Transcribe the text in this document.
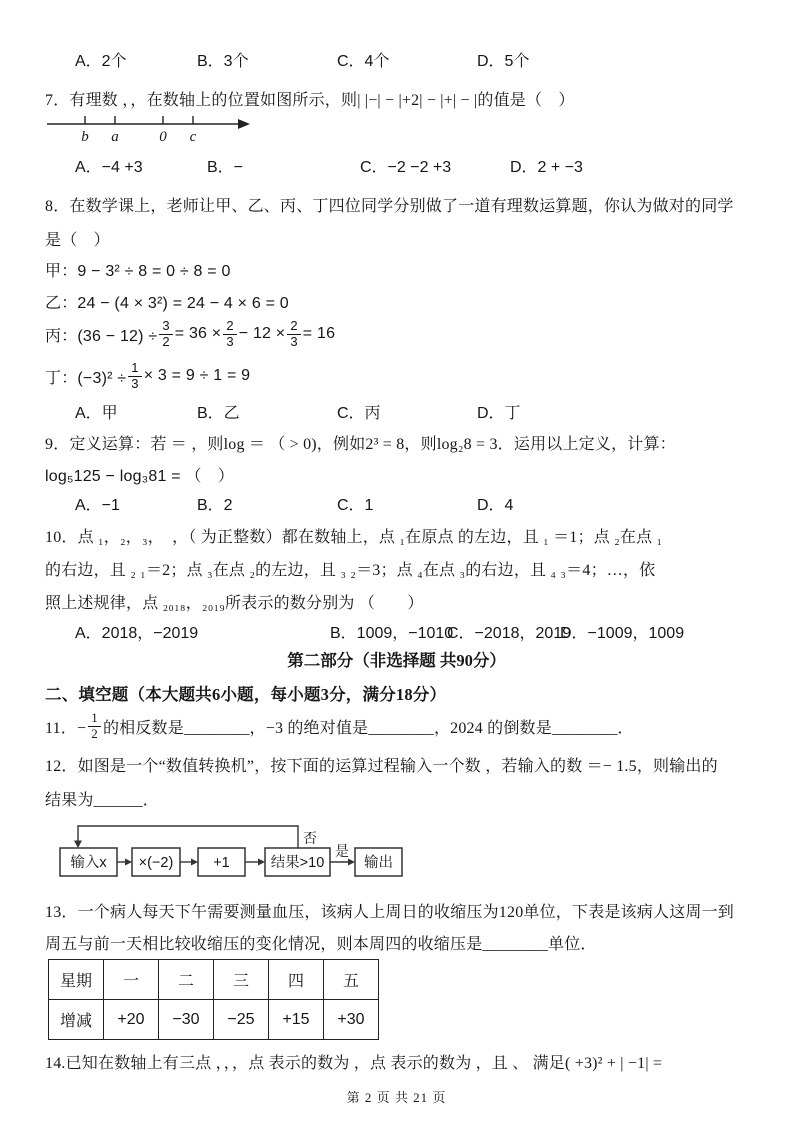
A．2个	B．3个	C．4个	D．5个
7．有理数 ，，在数轴上的位置如图所示，则| |−| − |+2| − |+| − |的值是（　）
b a	0 c
A．−4 +3	B．−	C．−2 −2 +3	D．2 + −3
8．在数学课上，老师让甲、乙、丙、丁四位同学分别做了一道有理数运算题，你认为做对的同学
是（　）
甲：9 − 3² ÷ 8 = 0 ÷ 8 = 0
乙：24 − (4 × 3²) = 24 − 4 × 6 = 0
丙：$(36 - 12) \div \frac{3}{2} = 36 \times \frac{2}{3} - 12 \times \frac{2}{3} = 16$
丁：$(-3)^2 \div \frac{1}{3} \times 3 = 9 \div 1 = 9$
A．甲	B．乙	C．丙	D．丁
9．定义运算：若 ＝ ，则log ＝ （ > 0)，例如2³ = 8，则log₂8 = 3．运用以上定义，计算：
log₅125 − log₃81 = （　）
A．−1	B．2	C．1	D．4
10．点 ₁，₂，₃，　，（ 为正整数）都在数轴上，点 ₁在原点 的左边，且 ₁ ＝1；点 ₂在点 ₁
的右边，且 ₂ ₁＝2；点 ₃在点 ₂的左边，且 ₃ ₂＝3；点 ₄在点 ₃的右边，且 ₄ ₃＝4；…，依
照上述规律，点 ₂₀₁₈，₂₀₁₉所表示的数分别为 （　　）
A．2018，−2019	B．1009，−1010
C．−2018，2019
D．−1009，1009
第二部分（非选择题 共90分）
二、填空题（本大题共6小题，每小题3分，满分18分）
11．− $\frac{1}{2}$ 的相反数是________，−3 的绝对值是________，2024 的倒数是________．
12．如图是一个“数值转换机”，按下面的运算过程输入一个数 ，若输入的数 ＝− 1.5，则输出的
结果为______．
否
输入x ×(−2)	+1	结果>10	输出
是
13．一个病人每天下午需要测量血压，该病人上周日的收缩压为120单位，下表是该病人这周一到
周五与前一天相比较收缩压的变化情况，则本周四的收缩压是________单位．
星期	一	二	三	四	五
增减	+20	−30	−25	+15	+30
14.已知在数轴上有三点 ，，，点 表示的数为 ，点 表示的数为 ，且 、 满足( +3)² + | −1| =
第 2 页 共 21 页
